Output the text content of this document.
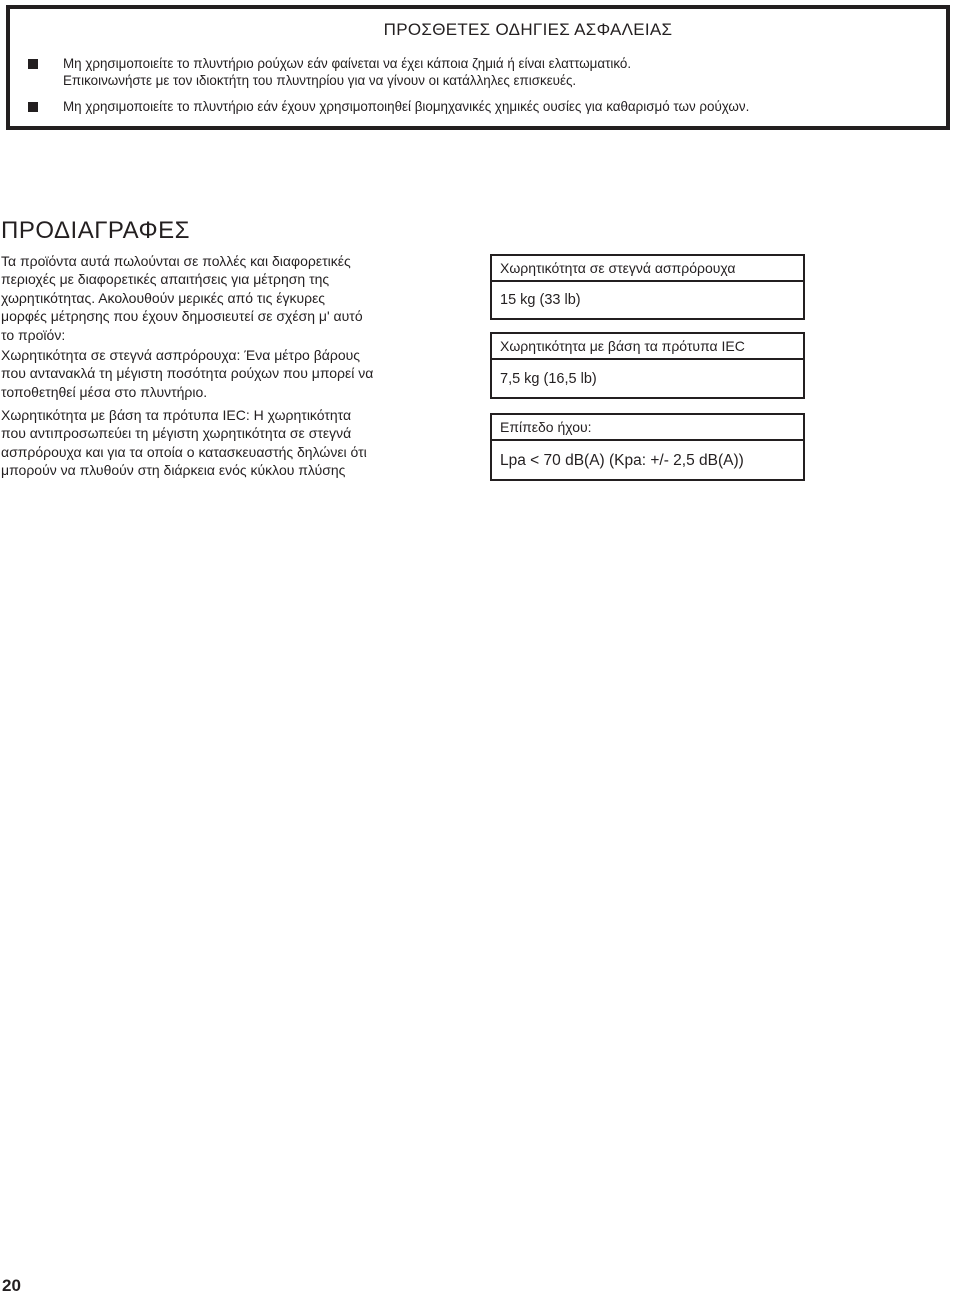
ΠΡΟΣΘΕΤΕΣ ΟΔΗΓΙΕΣ ΑΣΦΑΛΕΙΑΣ
Μη χρησιμοποιείτε το πλυντήριο ρούχων εάν φαίνεται να έχει κάποια ζημιά ή είναι ελαττωματικό.
Επικοινωνήστε με τον ιδιοκτήτη του πλυντηρίου για να γίνουν οι κατάλληλες επισκευές.
Μη χρησιμοποιείτε το πλυντήριο εάν έχουν χρησιμοποιηθεί βιομηχανικές χημικές ουσίες για καθαρισμό των ρούχων.
ΠΡΟΔΙΑΓΡΑΦΕΣ
Τα προϊόντα αυτά πωλούνται σε πολλές και διαφορετικές
περιοχές με διαφορετικές απαιτήσεις για μέτρηση της
χωρητικότητας. Ακολουθούν μερικές από τις έγκυρες
μορφές μέτρησης που έχουν δημοσιευτεί σε σχέση μ' αυτό
το προϊόν:
Χωρητικότητα σε στεγνά ασπρόρουχα: Ένα μέτρο βάρους
που αντανακλά τη μέγιστη ποσότητα ρούχων που μπορεί να
τοποθετηθεί μέσα στο πλυντήριο.
Χωρητικότητα με βάση τα πρότυπα IEC: Η χωρητικότητα
που αντιπροσωπεύει τη μέγιστη χωρητικότητα σε στεγνά
ασπρόρουχα και για τα οποία ο κατασκευαστής δηλώνει ότι
μπορούν να πλυθούν στη διάρκεια ενός κύκλου πλύσης
Χωρητικότητα σε στεγνά ασπρόρουχα
15 kg (33 lb)
Χωρητικότητα με βάση τα πρότυπα IEC
7,5 kg (16,5 lb)
Επίπεδο ήχου:
Lpa < 70 dB(A) (Kpa: +/- 2,5 dB(A))
20
